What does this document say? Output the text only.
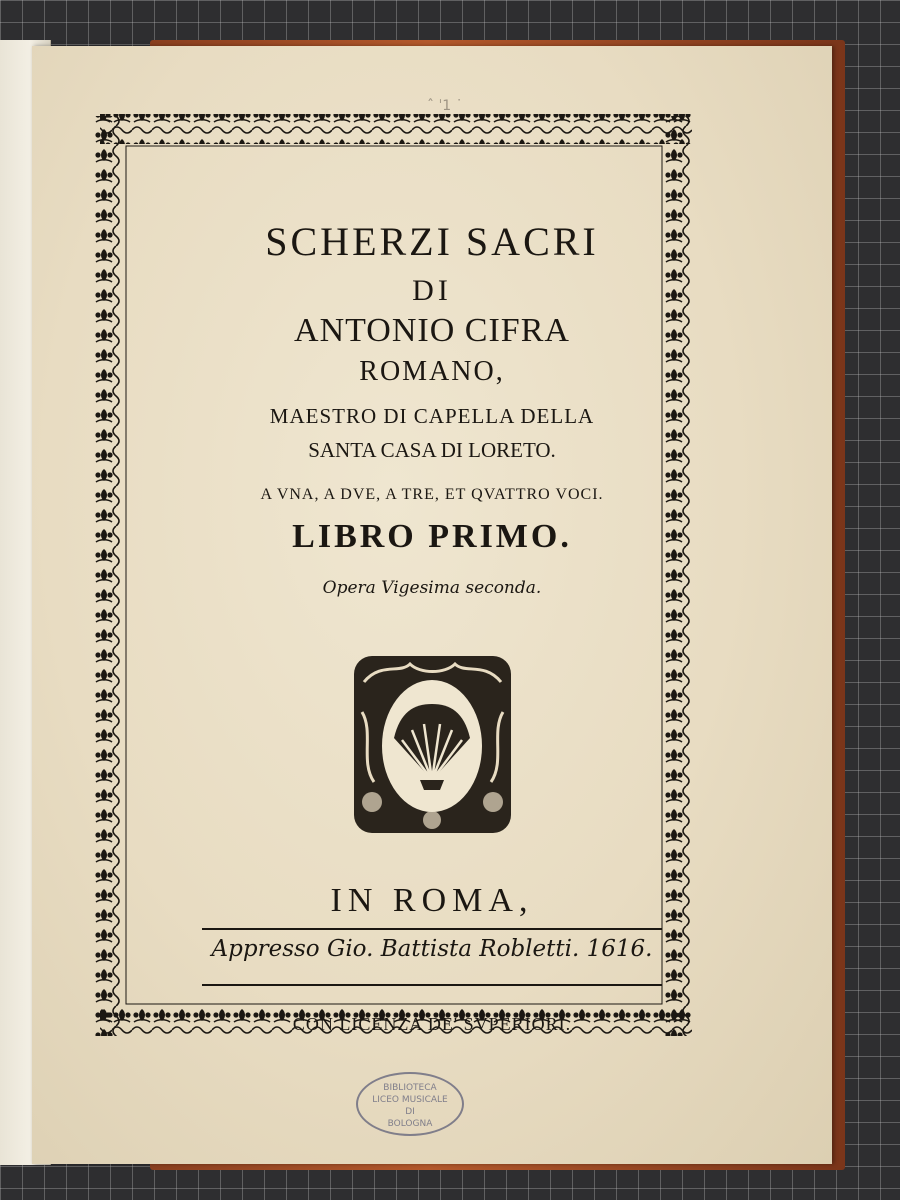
ˆ ˈ1 ˙
SCHERZI SACRI
DI
ANTONIO CIFRA
ROMANO,
MAESTRO DI CAPELLA DELLA
SANTA CASA DI LORETO.
A VNA, A DVE, A TRE, ET QVATTRO VOCI.
LIBRO PRIMO.
Opera Vigesima seconda.
IN ROMA,
Appresso Gio. Battista Robletti. 1616.
CON LICENZA DE' SVPERIORI.
BIBLIOTECA
LICEO MUSICALE
DI
BOLOGNA
